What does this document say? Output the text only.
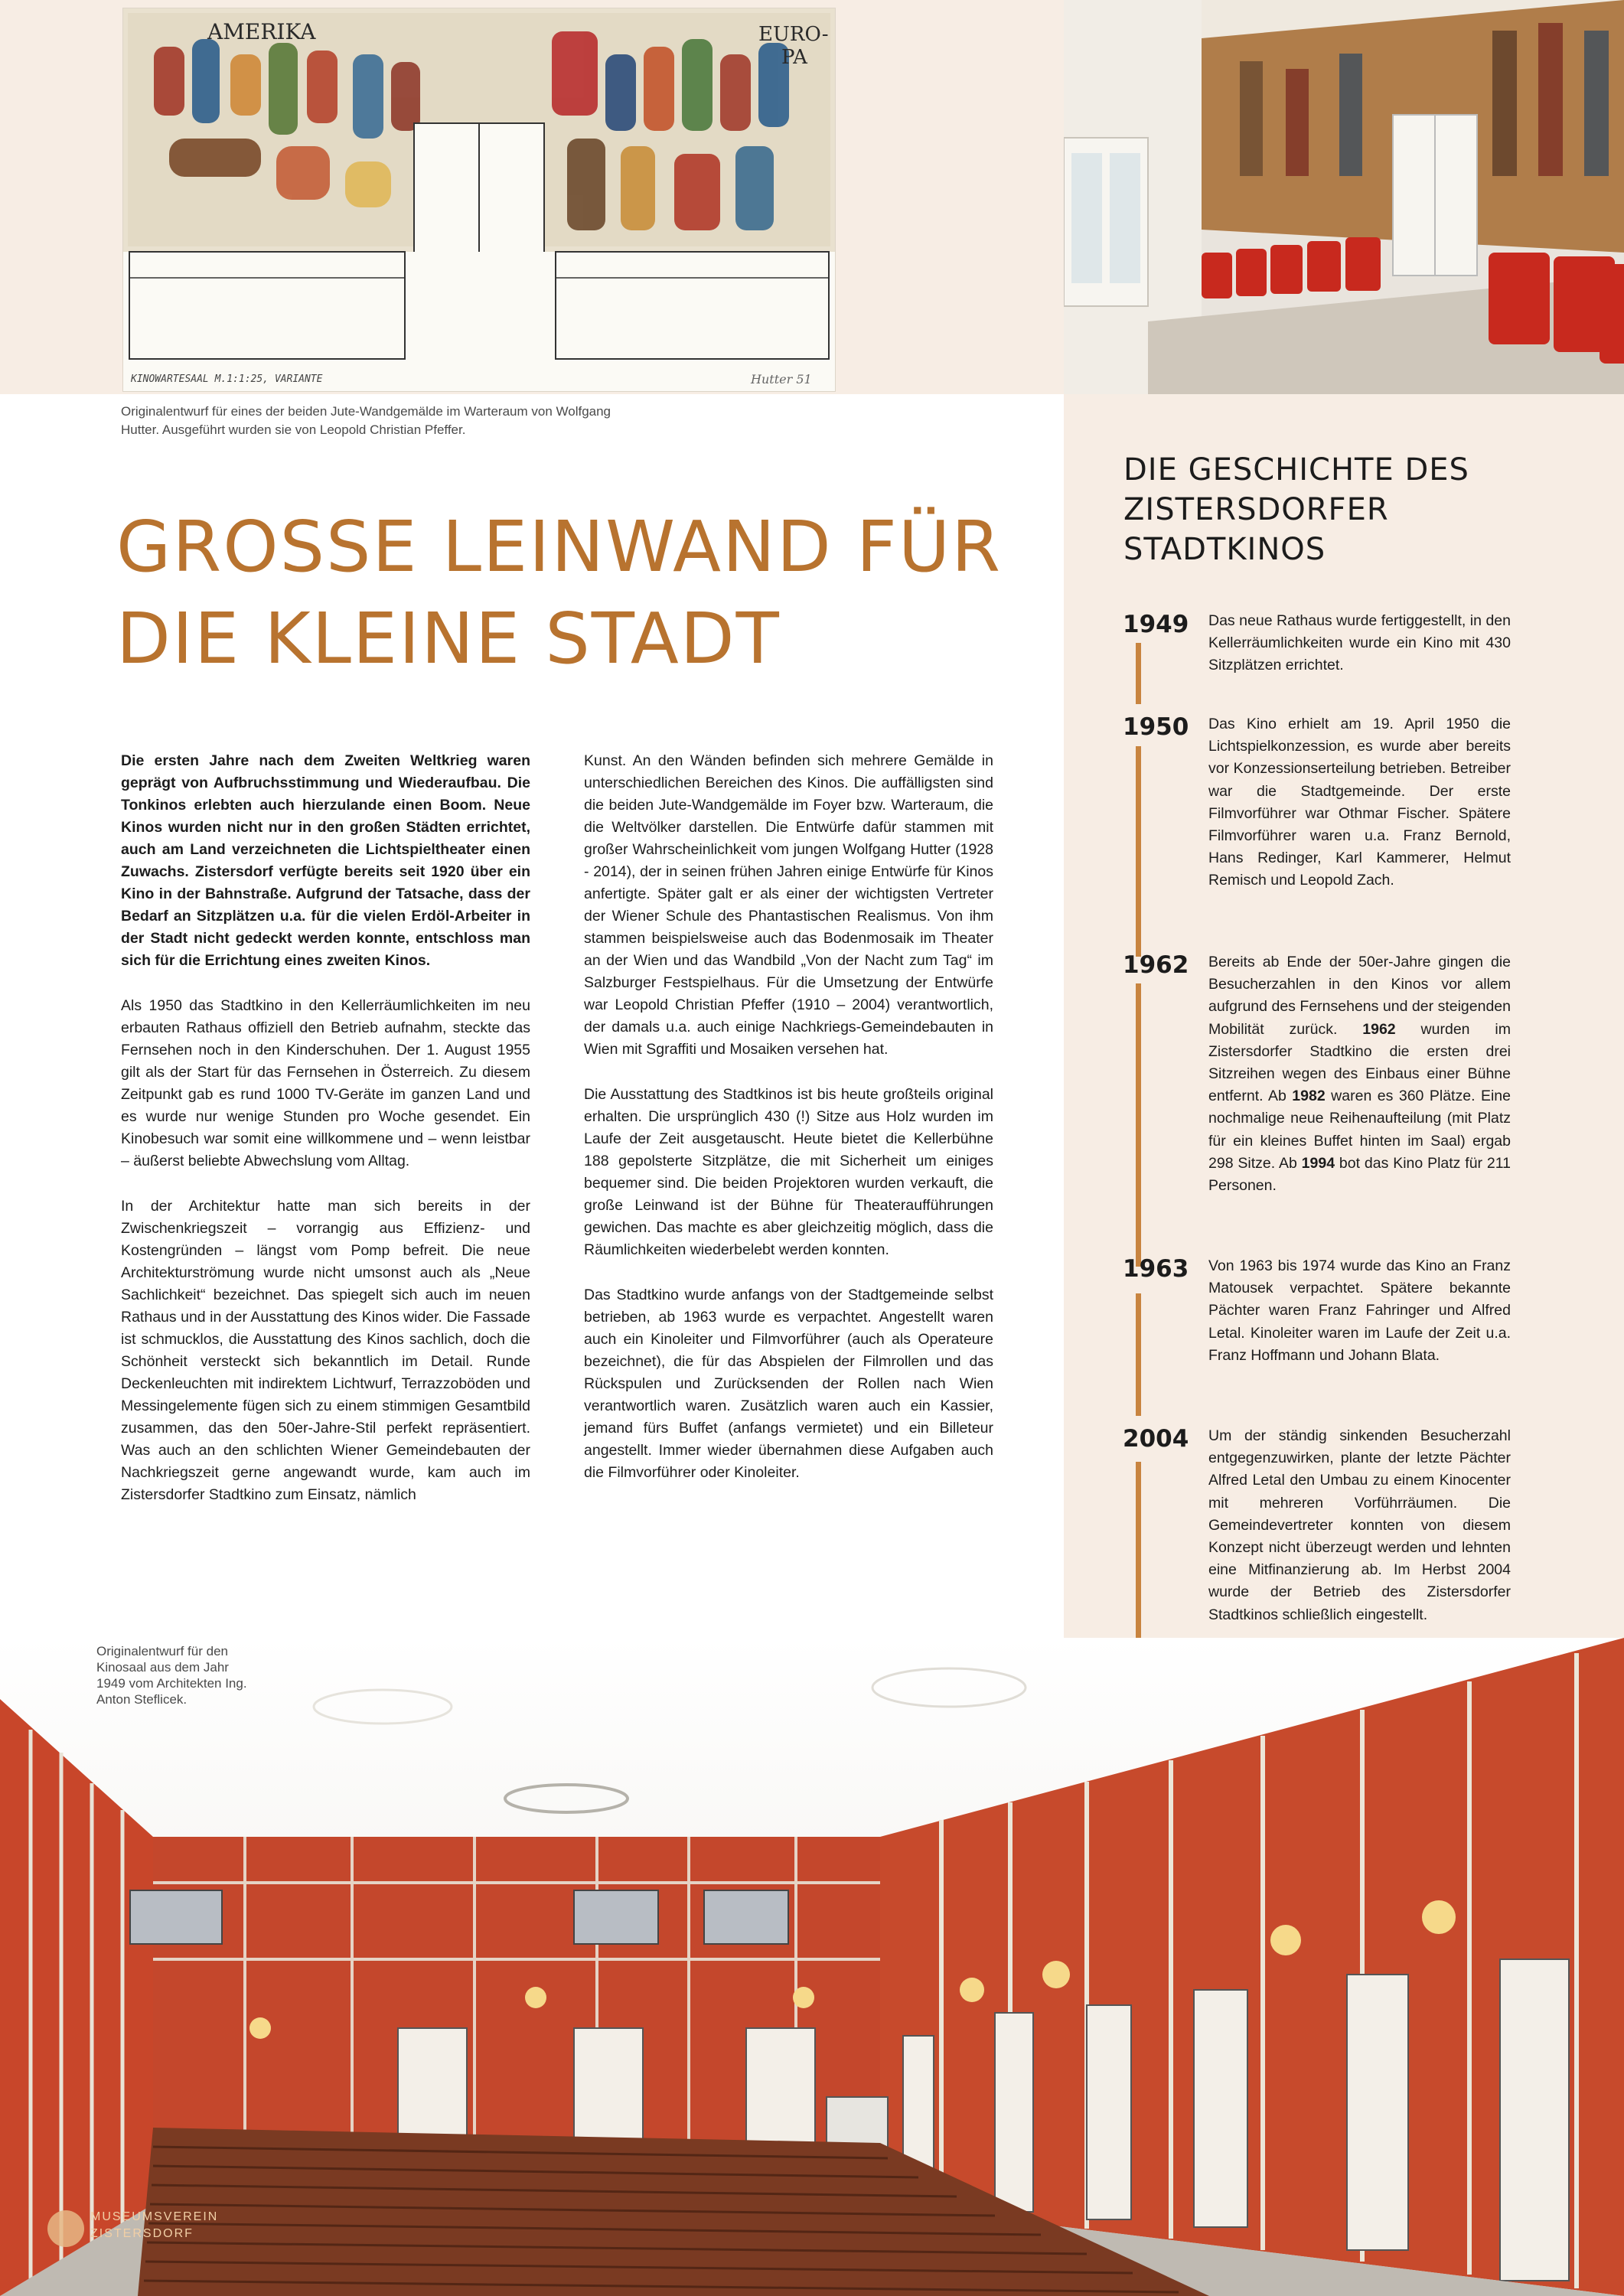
AMERIKA	EURO-
PA
KINOWARTESAAL M.1:1:25, VARIANTE	Hutter 51
Originalentwurf für eines der beiden Jute-Wandgemälde im Warteraum von Wolfgang Hutter. Ausgeführt wurden sie von Leopold Christian Pfeffer.
GROSSE LEINWAND FÜR
DIE KLEINE STADT

Die ersten Jahre nach dem Zweiten Weltkrieg waren geprägt von Aufbruchsstimmung und Wiederaufbau. Die Tonkinos erlebten auch hierzulande einen Boom. Neue Kinos wurden nicht nur in den großen Städten errichtet, auch am Land verzeichneten die Lichtspieltheater einen Zuwachs. Zistersdorf verfügte bereits seit 1920 über ein Kino in der Bahnstraße. Aufgrund der Tatsache, dass der Bedarf an Sitzplätzen u.a. für die vielen Erdöl-Arbeiter in der Stadt nicht gedeckt werden konnte, entschloss man sich für die Errichtung eines zweiten Kinos.

Als 1950 das Stadtkino in den Kellerräumlichkeiten im neu erbauten Rathaus offiziell den Betrieb aufnahm, steckte das Fernsehen noch in den Kinderschuhen. Der 1. August 1955 gilt als der Start für das Fernsehen in Österreich. Zu diesem Zeitpunkt gab es rund 1000 TV-Geräte im ganzen Land und es wurde nur wenige Stunden pro Woche gesendet. Ein Kinobesuch war somit eine willkommene und – wenn leistbar – äußerst beliebte Abwechslung vom Alltag.

In der Architektur hatte man sich bereits in der Zwischenkriegszeit – vorrangig aus Effizienz- und Kostengründen – längst vom Pomp befreit. Die neue Architekturströmung wurde nicht umsonst auch als „Neue Sachlichkeit“ bezeichnet. Das spiegelt sich auch im neuen Rathaus und in der Ausstattung des Kinos wider. Die Fassade ist schmucklos, die Ausstattung des Kinos sachlich, doch die Schönheit versteckt sich bekanntlich im Detail. Runde Deckenleuchten mit indirektem Lichtwurf, Terrazzoböden und Messingelemente fügen sich zu einem stimmigen Gesamtbild zusammen, das den 50er-Jahre-Stil perfekt repräsentiert. Was auch an den schlichten Wiener Gemeindebauten der Nachkriegszeit gerne angewandt wurde, kam auch im Zistersdorfer Stadtkino zum Einsatz, nämlich

Kunst. An den Wänden befinden sich mehrere Gemälde in unterschiedlichen Bereichen des Kinos. Die auffälligsten sind die beiden Jute-Wandgemälde im Foyer bzw. Warteraum, die die Weltvölker darstellen. Die Entwürfe dafür stammen mit großer Wahrscheinlichkeit vom jungen Wolfgang Hutter (1928 - 2014), der in seinen frühen Jahren einige Entwürfe für Kinos anfertigte. Später galt er als einer der wichtigsten Vertreter der Wiener Schule des Phantastischen Realismus. Von ihm stammen beispielsweise auch das Bodenmosaik im Theater an der Wien und das Wandbild „Von der Nacht zum Tag“ im Salzburger Festspielhaus. Für die Umsetzung der Entwürfe war Leopold Christian Pfeffer (1910 – 2004) verantwortlich, der damals u.a. auch einige Nachkriegs-Gemeindebauten in Wien mit Sgraffiti und Mosaiken versehen hat.

Die Ausstattung des Stadtkinos ist bis heute großteils original erhalten. Die ursprünglich 430 (!) Sitze aus Holz wurden im Laufe der Zeit ausgetauscht. Heute bietet die Kellerbühne 188 gepolsterte Sitzplätze, die mit Sicherheit um einiges bequemer sind. Die beiden Projektoren wurden verkauft, die große Leinwand ist der Bühne für Theateraufführungen gewichen. Das machte es aber gleichzeitig möglich, dass die Räumlichkeiten wiederbelebt werden konnten.

Das Stadtkino wurde anfangs von der Stadtgemeinde selbst betrieben, ab 1963 wurde es verpachtet. Angestellt waren auch ein Kinoleiter und Filmvorführer (auch als Operateure bezeichnet), die für das Abspielen der Filmrollen und das Rückspulen und Zurücksenden der Rollen nach Wien verantwortlich waren. Zusätzlich waren auch ein Kassier, jemand fürs Buffet (anfangs vermietet) und ein Billeteur angestellt. Immer wieder übernahmen diese Aufgaben auch die Filmvorführer oder Kinoleiter.

DIE GESCHICHTE DES

ZISTERSDORFER

STADTKINOS

1949 Das neue Rathaus wurde fertiggestellt, in den Kellerräumlichkeiten wurde ein Kino mit 430 Sitzplätzen errichtet.
1950 Das Kino erhielt am 19. April 1950 die Lichtspielkonzession, es wurde aber bereits vor Konzessionserteilung betrieben. Betreiber war die Stadtgemeinde. Der erste Filmvorführer war Othmar Fischer. Spätere Filmvorführer waren u.a. Franz Bernold, Hans Redinger, Karl Kammerer, Helmut Remisch und Leopold Zach.
1962 Bereits ab Ende der 50er-Jahre gingen die Besucherzahlen in den Kinos vor allem aufgrund des Fernsehens und der steigenden Mobilität zurück. 1962 wurden im Zistersdorfer Stadtkino die ersten drei Sitzreihen wegen des Einbaus einer Bühne entfernt. Ab 1982 waren es 360 Plätze. Eine nochmalige neue Reihenaufteilung (mit Platz für ein kleines Buffet hinten im Saal) ergab 298 Sitze. Ab 1994 bot das Kino Platz für 211 Personen.
1963 Von 1963 bis 1974 wurde das Kino an Franz Matousek verpachtet. Spätere bekannte Pächter waren Franz Fahringer und Alfred Letal. Kinoleiter waren im Laufe der Zeit u.a. Franz Hoffmann und Johann Blata.
2004 Um der ständig sinkenden Besucherzahl entgegenzuwirken, plante der letzte Pächter Alfred Letal den Umbau zu einem Kinocenter mit mehreren Vorführräumen. Die Gemeindevertreter konnten von diesem Konzept nicht überzeugt werden und lehnten eine Mitfinanzierung ab. Im Herbst 2004 wurde der Betrieb des Zistersdorfer Stadtkinos schließlich eingestellt.
Originalentwurf für den Kinosaal aus dem Jahr 1949 vom Architekten Ing. Anton Steflicek.
MUSEUMSVEREIN
ZISTERSDORF
